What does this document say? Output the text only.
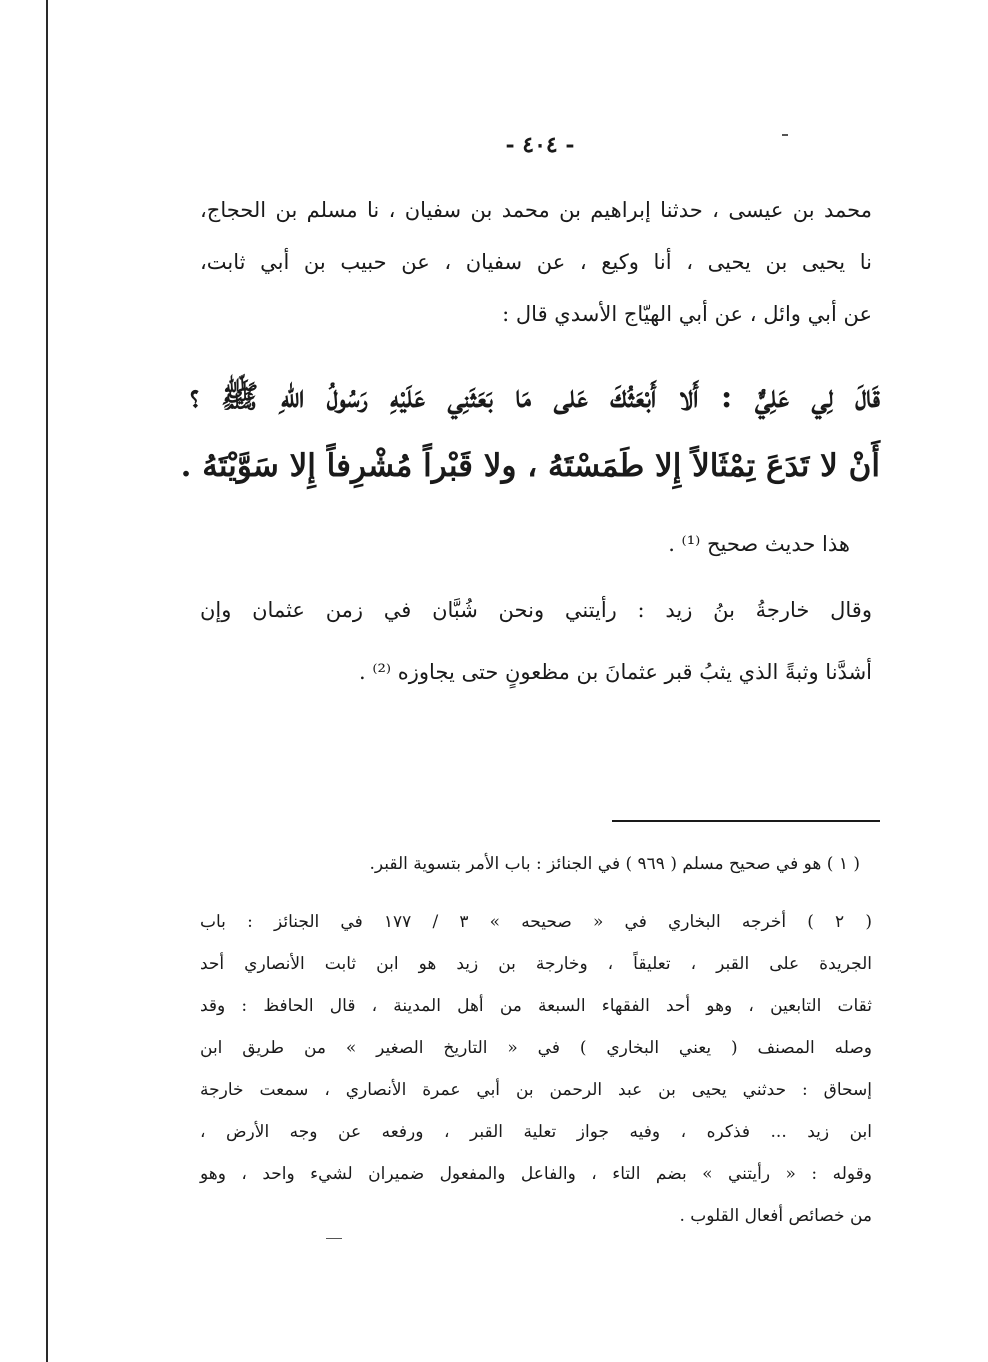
- ٤٠٤ -
محمد بن عيسى ، حدثنا إبراهيم بن محمد بن سفيان ، نا مسلم بن الحجاج،
نا يحيى بن يحيى ، أنا وكيع ، عن سفيان ، عن حبيب بن أبي ثابت،
عن أبي وائل ، عن أبي الهيّاج الأسدي قال :
قَالَ لِي عَلِيٌّ : أَلا أَبْعَثُكَ عَلى مَا بَعَثَنِي عَلَيْهِ رَسُولُ اللهِ ﷺ ؟
أَنْ لا تَدَعَ تِمْثَالاً إِلا طَمَسْتَهُ ، ولا قَبْراً مُشْرِفاً إِلا سَوَّيْتَهُ .
هذا حديث صحيح ⁽¹⁾ .
وقال خارجةُ بنُ زيد : رأيتني ونحن شُبَّان في زمن عثمان وإن
أشدَّنا وثبةً الذي يثبُ قبر عثمانَ بن مظعونٍ حتى يجاوزه ⁽²⁾ .
( ١ ) هو في صحيح مسلم ( ٩٦٩ ) في الجنائز : باب الأمر بتسوية القبر.
( ٢ ) أخرجه البخاري في « صحيحه » ٣ / ١٧٧ في الجنائز : باب
الجريدة على القبر ، تعليقاً ، وخارجة بن زيد هو ابن ثابت الأنصاري أحد
ثقات التابعين ، وهو أحد الفقهاء السبعة من أهل المدينة ، قال الحافظ : وقد
وصله المصنف ( يعني البخاري ) في « التاريخ الصغير » من طريق ابن
إسحاق : حدثني يحيى بن عبد الرحمن بن أبي عمرة الأنصاري ، سمعت خارجة
ابن زيد ... فذكره ، وفيه جواز تعلية القبر ، ورفعه عن وجه الأرض ،
وقوله : « رأيتني » بضم التاء ، والفاعل والمفعول ضميران لشيء واحد ، وهو
من خصائص أفعال القلوب .
